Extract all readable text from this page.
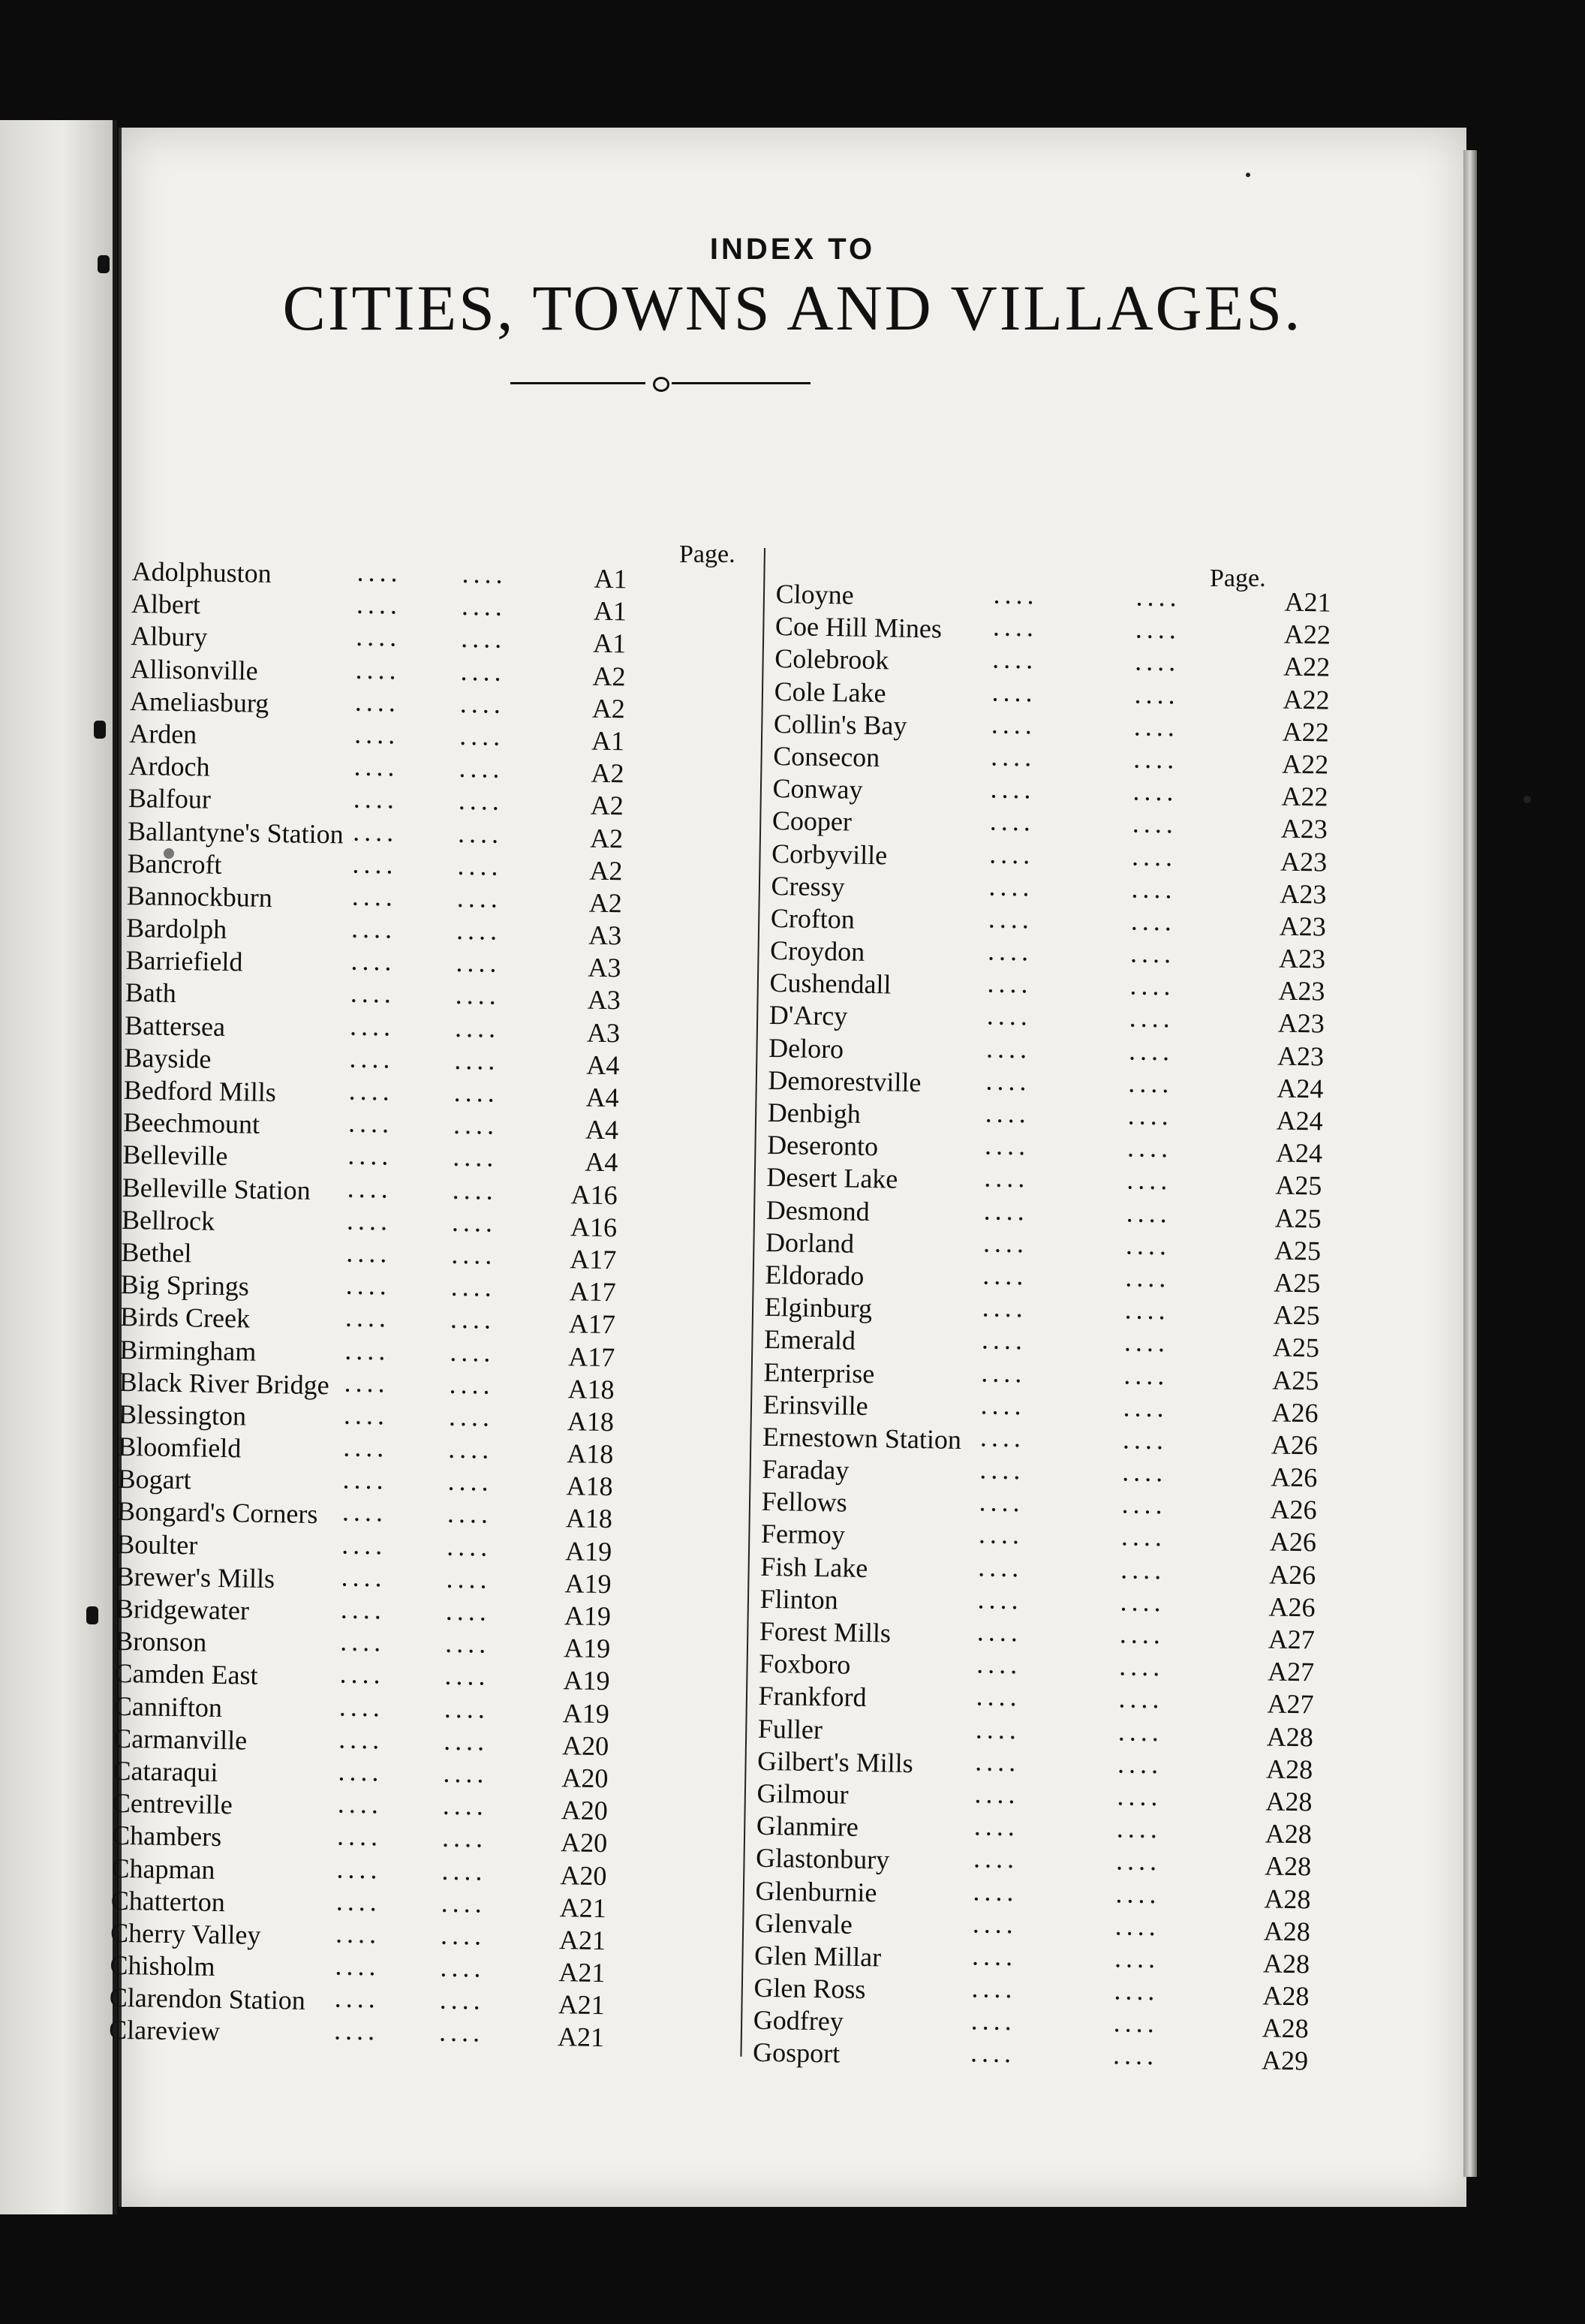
INDEX TO
CITIES, TOWNS AND VILLAGES.
Page.
Page.
Adolphuston	.... ....	A1
Albert	.... ....	A1
Albury	.... ....	A1
Allisonville	.... ....	A2
Ameliasburg	.... ....	A2
Arden	.... ....	A1
Ardoch	.... ....	A2
Balfour	.... ....	A2
Ballantyne's Station .... ....	A2
Bancroft	.... ....	A2
Bannockburn	.... ....	A2
Bardolph	.... ....	A3
Barriefield	.... ....	A3
Bath	.... ....	A3
Battersea	.... ....	A3
Bayside	.... ....	A4
Bedford Mills	.... ....	A4
Beechmount	.... ....	A4
Belleville	.... ....	A4
Belleville Station .... ....	A16
Bellrock	.... ....	A16
Bethel	.... ....	A17
Big Springs	.... ....	A17
Birds Creek	.... ....	A17
Birmingham	.... ....	A17
Black River Bridge .... ....	A18
Blessington	.... ....	A18
Bloomfield	.... ....	A18
Bogart	.... ....	A18
Bongard's Corners .... ....	A18
Boulter	.... ....	A19
Brewer's Mills .... ....	A19
Bridgewater	.... ....	A19
Bronson	.... ....	A19
Camden East	.... ....	A19
Cannifton	.... ....	A19
Carmanville	.... ....	A20
Cataraqui	.... ....	A20
Centreville	.... ....	A20
Chambers	.... ....	A20
Chapman	.... ....	A20
Chatterton	.... ....	A21
Cherry Valley	.... ....	A21
Chisholm	.... ....	A21
Clarendon Station .... ....	A21
Clareview	.... ....	A21
Cloyne	....	....	A21
Coe Hill Mines ....	....	A22
Colebrook	....	....	A22
Cole Lake	....	....	A22
Collin's Bay	....	....	A22
Consecon	....	....	A22
Conway	....	....	A22
Cooper	....	....	A23
Corbyville	....	....	A23
Cressy	....	....	A23
Crofton	....	....	A23
Croydon	....	....	A23
Cushendall	....	....	A23
D'Arcy	....	....	A23
Deloro	....	....	A23
Demorestville ....	....	A24
Denbigh	....	....	A24
Deseronto	....	....	A24
Desert Lake	....	....	A25
Desmond	....	....	A25
Dorland	....	....	A25
Eldorado	....	....	A25
Elginburg	....	....	A25
Emerald	....	....	A25
Enterprise	....	....	A25
Erinsville	....	....	A26
Ernestown Station ....	....	A26
Faraday	....	....	A26
Fellows	....	....	A26
Fermoy	....	....	A26
Fish Lake	....	....	A26
Flinton	....	....	A26
Forest Mills	....	....	A27
Foxboro	....	....	A27
Frankford	....	....	A27
Fuller	....	....	A28
Gilbert's Mills ....	....	A28
Gilmour	....	....	A28
Glanmire	....	....	A28
Glastonbury	....	....	A28
Glenburnie	....	....	A28
Glenvale	....	....	A28
Glen Millar	....	....	A28
Glen Ross	....	....	A28
Godfrey	....	....	A28
Gosport	....	....	A29
